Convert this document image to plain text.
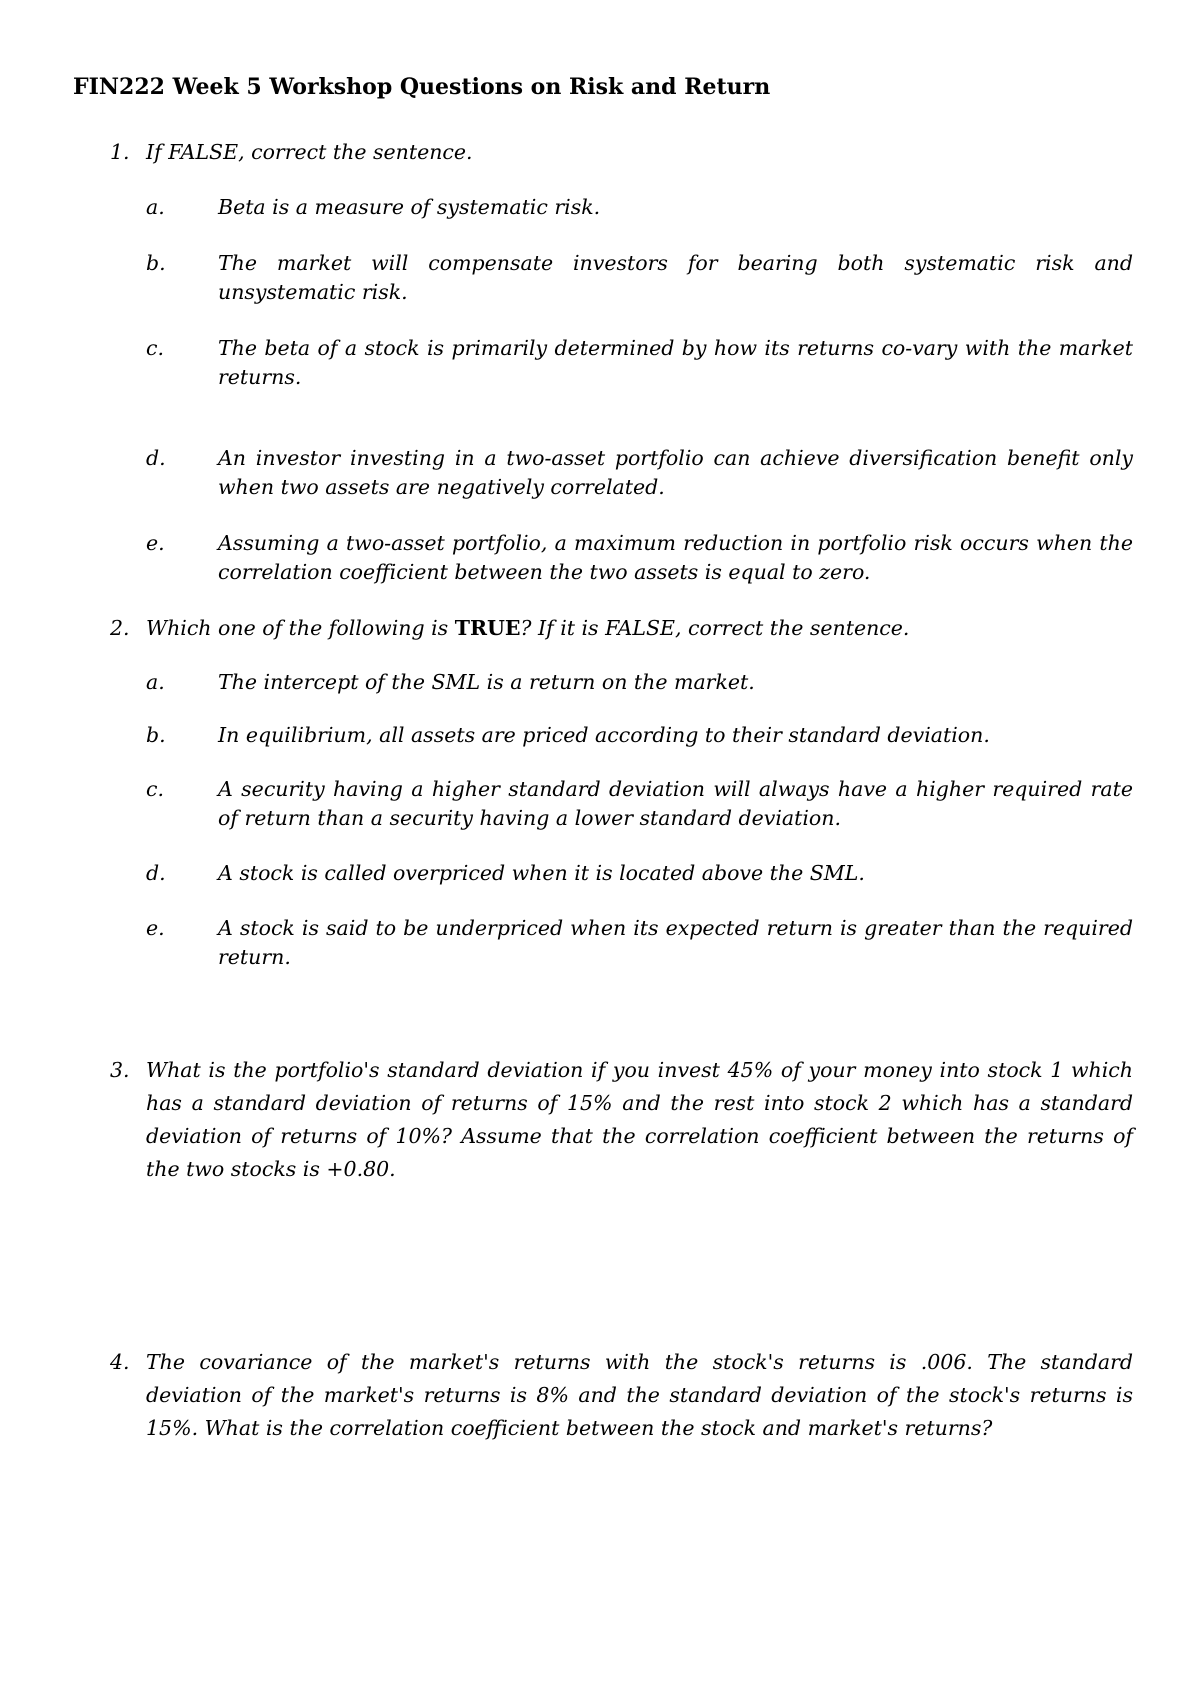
FIN222 Week 5 Workshop Questions on Risk and Return
1. If FALSE, correct the sentence.

a.	Beta is a measure of systematic risk.

b.	The market will compensate investors for bearing both systematic risk and unsystematic risk.

c.	The beta of a stock is primarily determined by how its returns co-vary with the market returns.

d.	An investor investing in a two-asset portfolio can achieve diversification benefit only when two assets are negatively correlated.

e.	Assuming a two-asset portfolio, a maximum reduction in portfolio risk occurs when the correlation coefficient between the two assets is equal to zero.

2. Which one of the following is TRUE? If it is FALSE, correct the sentence.

a.	The intercept of the SML is a return on the market.

b.	In equilibrium, all assets are priced according to their standard deviation.

c.	A security having a higher standard deviation will always have a higher required rate of return than a security having a lower standard deviation.

d.	A stock is called overpriced when it is located above the SML.

e.	A stock is said to be underpriced when its expected return is greater than the required return.

3. What is the portfolio's standard deviation if you invest 45% of your money into stock 1 which has a standard deviation of returns of 15% and the rest into stock 2 which has a standard deviation of returns of 10%? Assume that the correlation coefficient between the returns of the two stocks is +0.80.

4. The covariance of the market's returns with the stock's returns is .006. The standard deviation of the market's returns is 8% and the standard deviation of the stock's returns is 15%. What is the correlation coefficient between the stock and market's returns?
